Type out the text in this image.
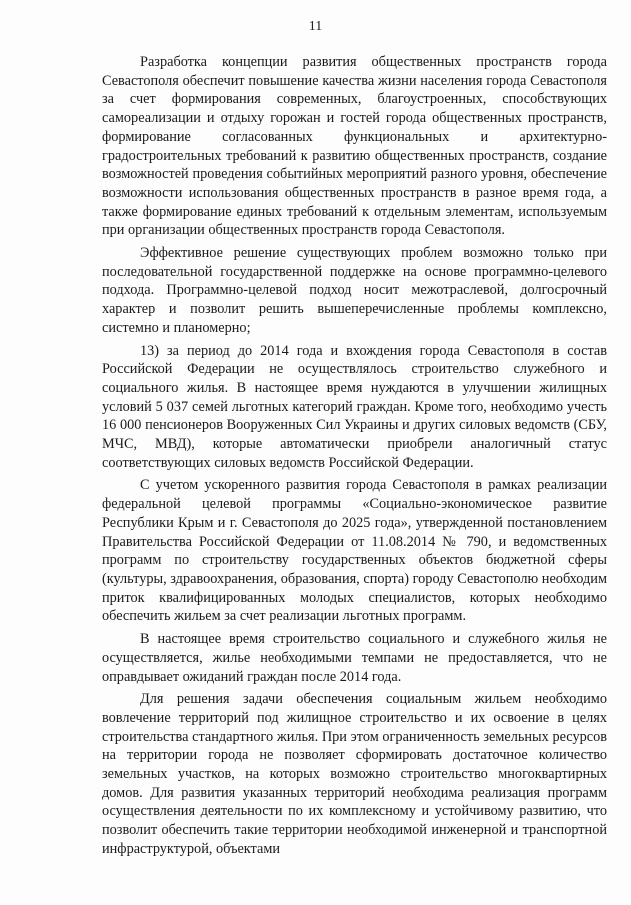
11

Разработка концепции развития общественных пространств города Севастополя обеспечит повышение качества жизни населения города Севастополя за счет формирования современных, благоустроенных, способствующих самореализации и отдыху горожан и гостей города общественных пространств, формирование согласованных функциональных и архитектурно-градостроительных требований к развитию общественных пространств, создание возможностей проведения событийных мероприятий разного уровня, обеспечение возможности использования общественных пространств в разное время года, а также формирование единых требований к отдельным элементам, используемым при организации общественных пространств города Севастополя.

Эффективное решение существующих проблем возможно только при последовательной государственной поддержке на основе программно-целевого подхода. Программно-целевой подход носит межотраслевой, долгосрочный характер и позволит решить вышеперечисленные проблемы комплексно, системно и планомерно;

13) за период до 2014 года и вхождения города Севастополя в состав Российской Федерации не осуществлялось строительство служебного и социального жилья. В настоящее время нуждаются в улучшении жилищных условий 5 037 семей льготных категорий граждан. Кроме того, необходимо учесть 16 000 пенсионеров Вооруженных Сил Украины и других силовых ведомств (СБУ, МЧС, МВД), которые автоматически приобрели аналогичный статус соответствующих силовых ведомств Российской Федерации.

С учетом ускоренного развития города Севастополя в рамках реализации федеральной целевой программы «Социально-экономическое развитие Республики Крым и г. Севастополя до 2025 года», утвержденной постановлением Правительства Российской Федерации от 11.08.2014 № 790, и ведомственных программ по строительству государственных объектов бюджетной сферы (культуры, здравоохранения, образования, спорта) городу Севастополю необходим приток квалифицированных молодых специалистов, которых необходимо обеспечить жильем за счет реализации льготных программ.

В настоящее время строительство социального и служебного жилья не осуществляется, жилье необходимыми темпами не предоставляется, что не оправдывает ожиданий граждан после 2014 года.

Для решения задачи обеспечения социальным жильем необходимо вовлечение территорий под жилищное строительство и их освоение в целях строительства стандартного жилья. При этом ограниченность земельных ресурсов на территории города не позволяет сформировать достаточное количество земельных участков, на которых возможно строительство многоквартирных домов. Для развития указанных территорий необходима реализация программ осуществления деятельности по их комплексному и устойчивому развитию, что позволит обеспечить такие территории необходимой инженерной и транспортной инфраструктурой, объектами
